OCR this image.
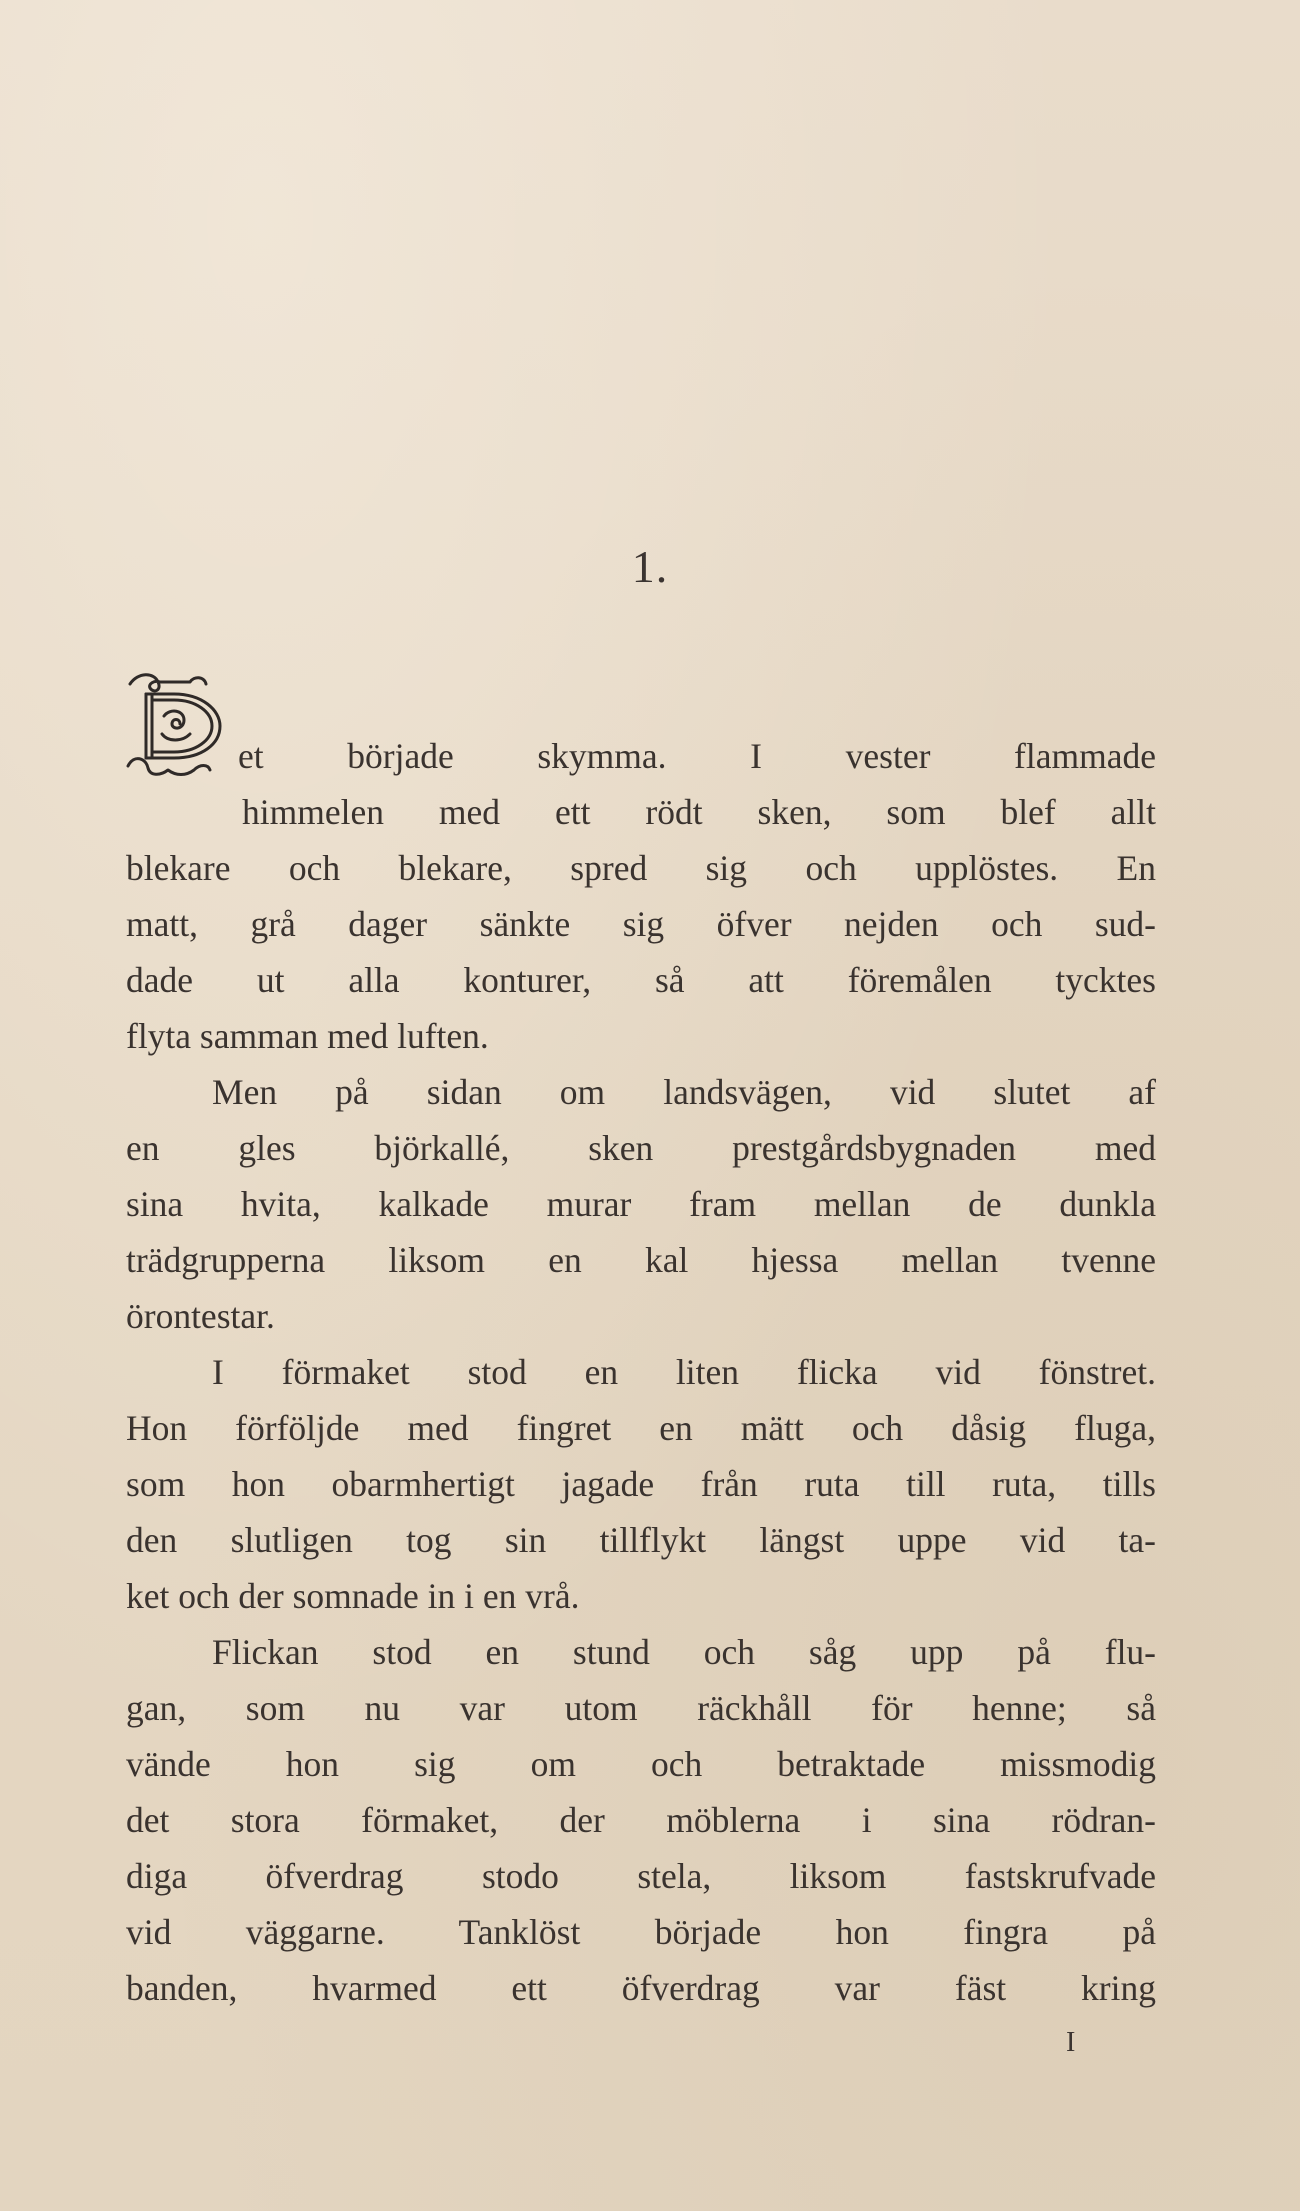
1.
D
et började skymma. I vester flammade
himmelen med ett rödt sken, som blef allt
blekare och blekare, spred sig och upplöstes. En
matt, grå dager sänkte sig öfver nejden och sud-
dade ut alla konturer, så att föremålen tycktes
flyta samman med luften.
Men på sidan om landsvägen, vid slutet af
en gles björkallé, sken prestgårdsbygnaden med
sina hvita, kalkade murar fram mellan de dunkla
trädgrupperna liksom en kal hjessa mellan tvenne
örontestar.
I förmaket stod en liten flicka vid fönstret.
Hon förföljde med fingret en mätt och dåsig fluga,
som hon obarmhertigt jagade från ruta till ruta, tills
den slutligen tog sin tillflykt längst uppe vid ta-
ket och der somnade in i en vrå.
Flickan stod en stund och såg upp på flu-
gan, som nu var utom räckhåll för henne; så
vände hon sig om och betraktade missmodig
det stora förmaket, der möblerna i sina rödran-
diga öfverdrag stodo stela, liksom fastskrufvade
vid väggarne. Tanklöst började hon fingra på
banden, hvarmed ett öfverdrag var fäst kring
I
